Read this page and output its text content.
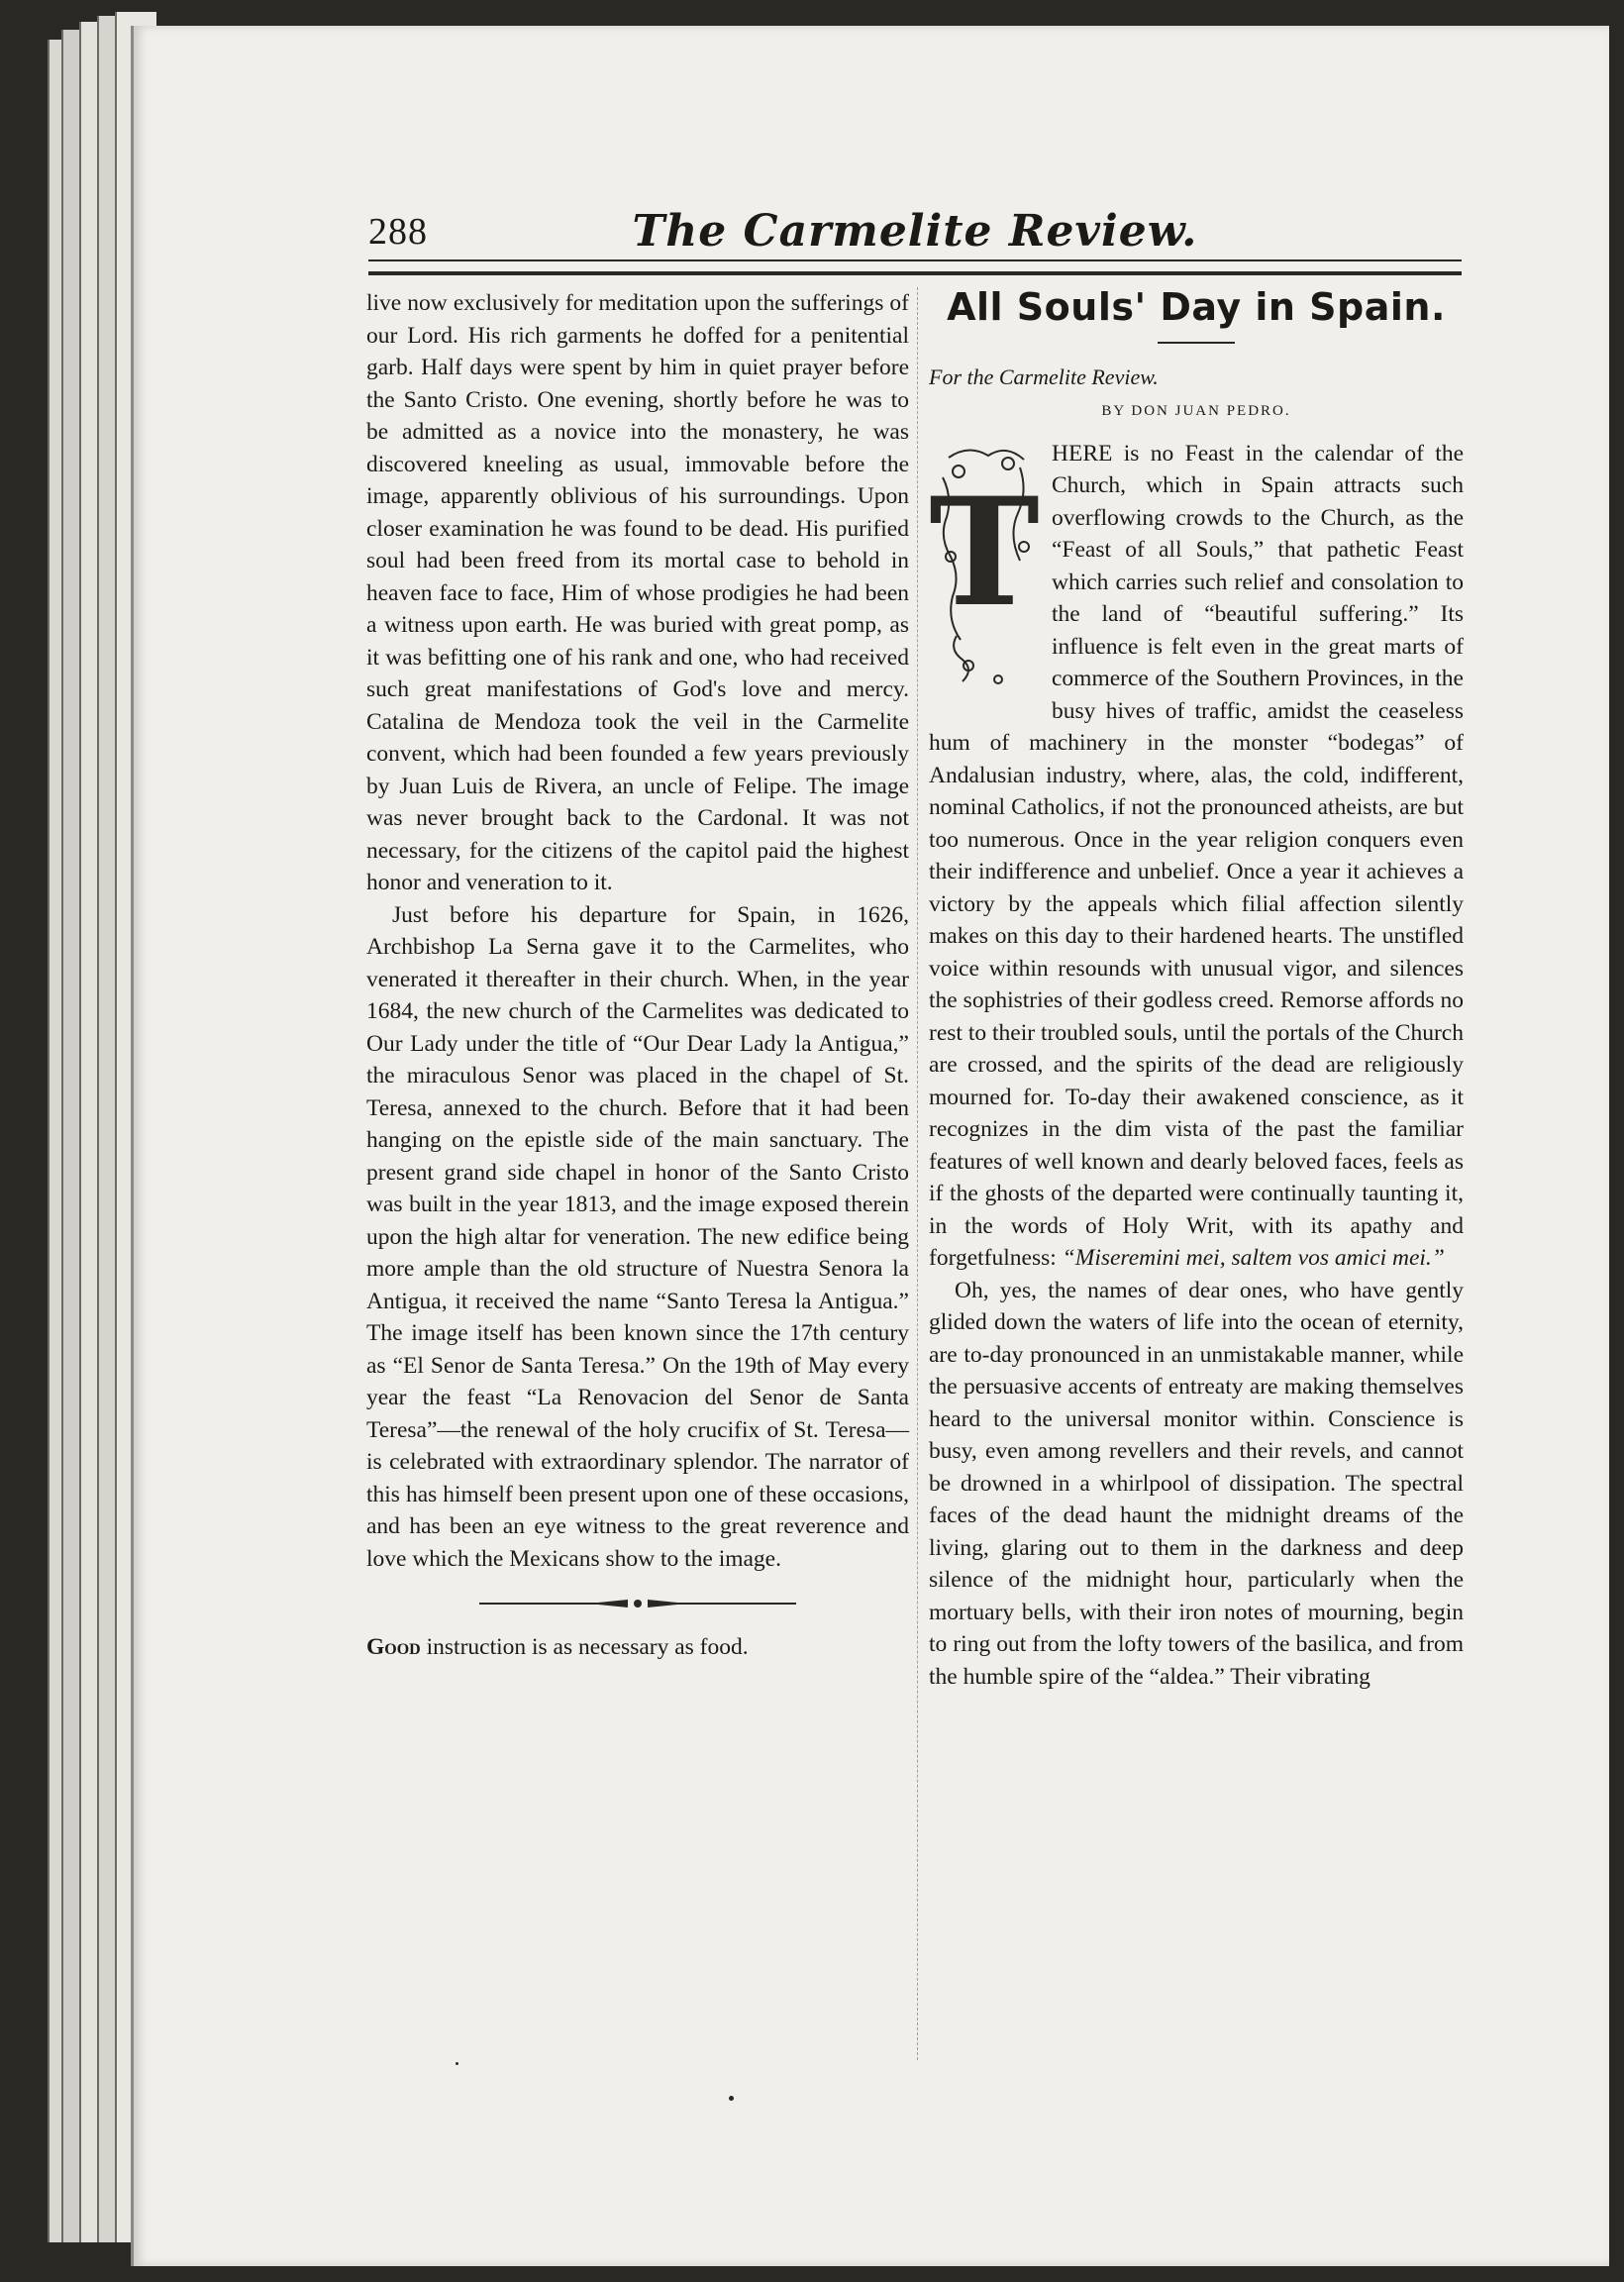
288	The Carmelite Review.

live now exclusively for meditation upon the sufferings of our Lord. His rich garments he doffed for a penitential garb. Half days were spent by him in quiet prayer before the Santo Cristo. One evening, shortly before he was to be admitted as a novice into the monastery, he was discovered kneeling as usual, immovable before the image, apparently oblivious of his surroundings. Upon closer examination he was found to be dead. His purified soul had been freed from its mortal case to behold in heaven face to face, Him of whose prodigies he had been a witness upon earth. He was buried with great pomp, as it was befitting one of his rank and one, who had received such great manifestations of God's love and mercy. Catalina de Mendoza took the veil in the Carmelite convent, which had been founded a few years previously by Juan Luis de Rivera, an uncle of Felipe. The image was never brought back to the Cardonal. It was not necessary, for the citizens of the capitol paid the highest honor and veneration to it.

Just before his departure for Spain, in 1626, Archbishop La Serna gave it to the Carmelites, who venerated it thereafter in their church. When, in the year 1684, the new church of the Carmelites was dedicated to Our Lady under the title of “Our Dear Lady la Antigua,” the miraculous Senor was placed in the chapel of St. Teresa, annexed to the church. Before that it had been hanging on the epistle side of the main sanctuary. The present grand side chapel in honor of the Santo Cristo was built in the year 1813, and the image exposed therein upon the high altar for veneration. The new edifice being more ample than the old structure of Nuestra Senora la Antigua, it received the name “Santo Teresa la Antigua.” The image itself has been known since the 17th century as “El Senor de Santa Teresa.” On the 19th of May every year the feast “La Renovacion del Senor de Santa Teresa”—the renewal of the holy crucifix of St. Teresa—is celebrated with extraordinary splendor. The narrator of this has himself been present upon one of these occasions, and has been an eye witness to the great reverence and love which the Mexicans show to the image.

Good instruction is as necessary as food.

All Souls' Day in Spain.
For the Carmelite Review.
BY DON JUAN PEDRO.

T
HERE is no Feast in the calendar of the Church, which in Spain attracts such overflowing crowds to the Church, as the “Feast of all Souls,” that pathetic Feast which carries such relief and consolation to the land of “beautiful suffering.” Its influence is felt even in the great marts of commerce of the Southern Provinces, in the busy hives of traffic, amidst the ceaseless hum of machinery in the monster “bodegas” of Andalusian industry, where, alas, the cold, indifferent, nominal Catholics, if not the pronounced atheists, are but too numerous. Once in the year religion conquers even their indifference and unbelief. Once a year it achieves a victory by the appeals which filial affection silently makes on this day to their hardened hearts. The unstifled voice within resounds with unusual vigor, and silences the sophistries of their godless creed. Remorse affords no rest to their troubled souls, until the portals of the Church are crossed, and the spirits of the dead are religiously mourned for. To-day their awakened conscience, as it recognizes in the dim vista of the past the familiar features of well known and dearly beloved faces, feels as if the ghosts of the departed were continually taunting it, in the words of Holy Writ, with its apathy and forgetfulness: “Miseremini mei, saltem vos amici mei.”

Oh, yes, the names of dear ones, who have gently glided down the waters of life into the ocean of eternity, are to-day pronounced in an unmistakable manner, while the persuasive accents of entreaty are making themselves heard to the universal monitor within. Conscience is busy, even among revellers and their revels, and cannot be drowned in a whirlpool of dissipation. The spectral faces of the dead haunt the midnight dreams of the living, glaring out to them in the darkness and deep silence of the midnight hour, particularly when the mortuary bells, with their iron notes of mourning, begin to ring out from the lofty towers of the basilica, and from the humble spire of the “aldea.” Their vibrating
